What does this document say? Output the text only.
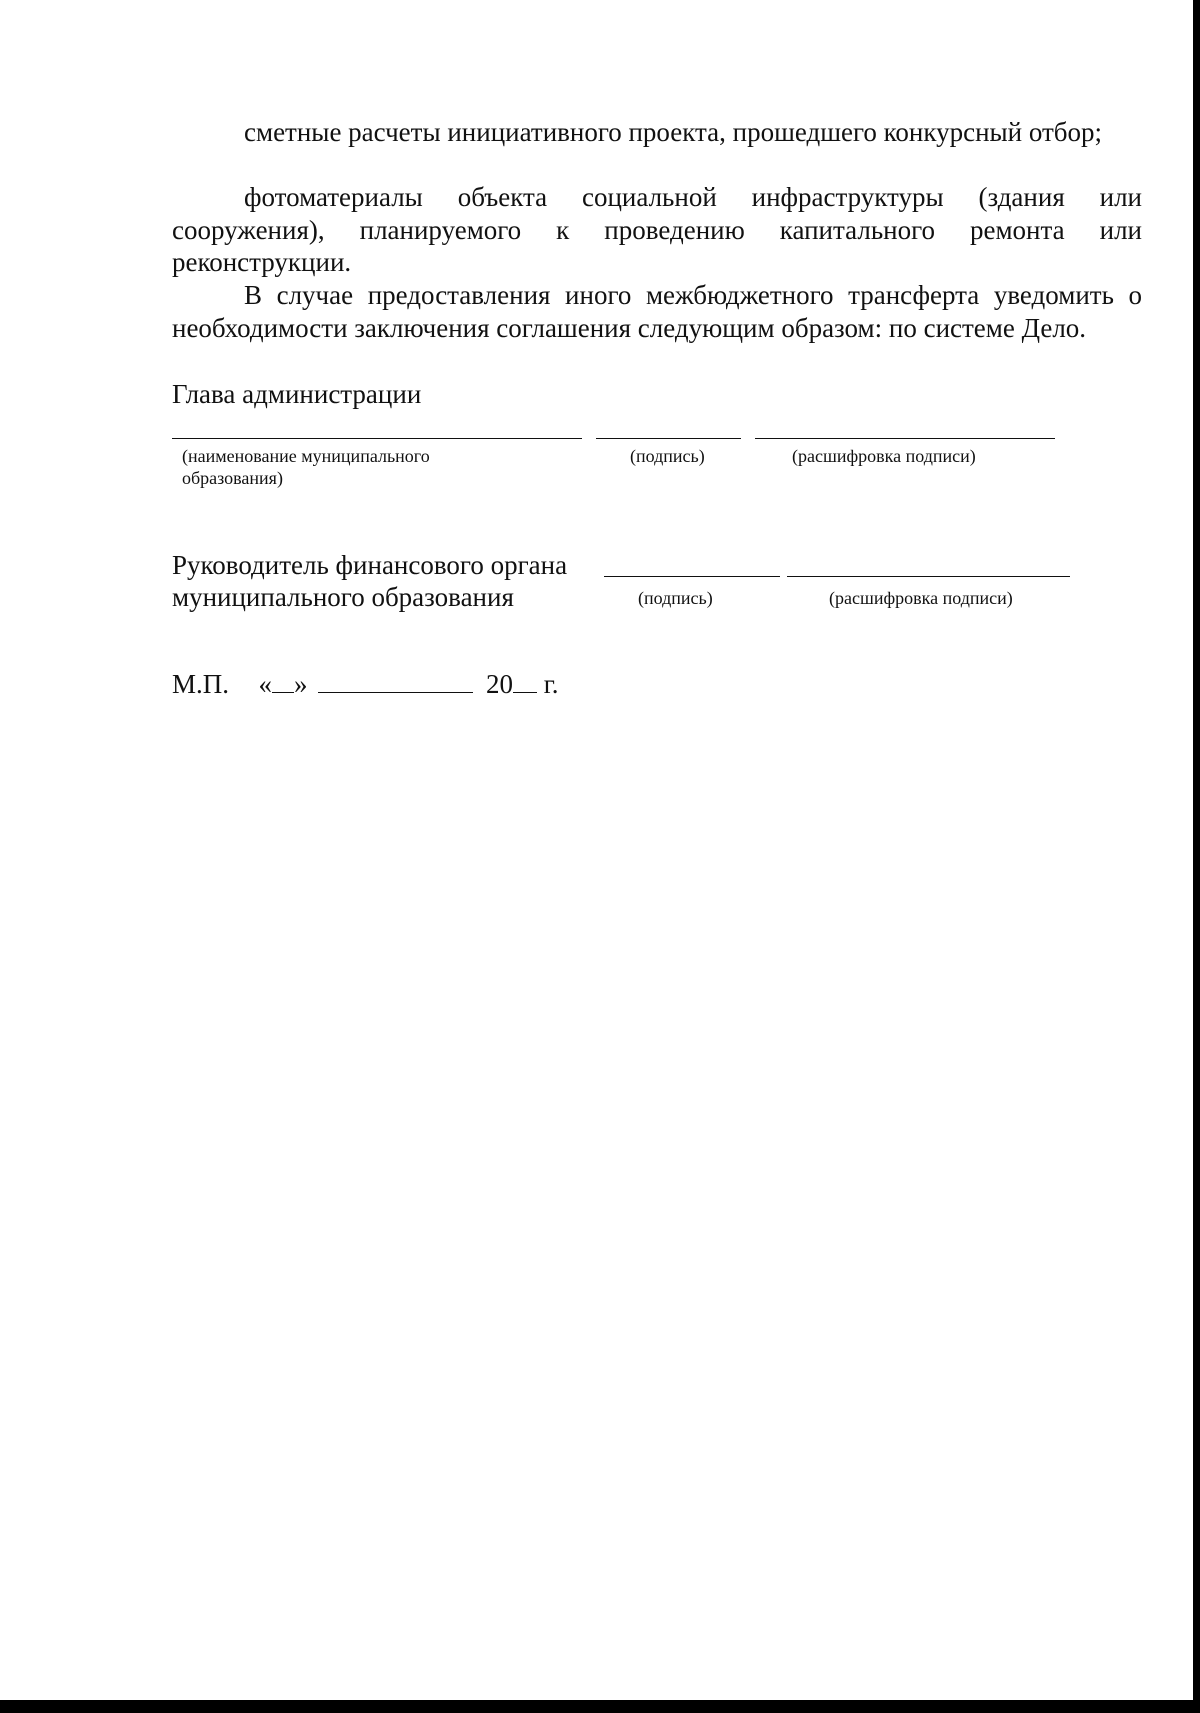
сметные расчеты инициативного проекта, прошедшего конкурсный отбор;

фотоматериалы объекта социальной инфраструктуры (здания или сооружения), планируемого к проведению капитального ремонта или реконструкции.

В случае предоставления иного межбюджетного трансферта уведомить о необходимости заключения соглашения следующим образом: по системе Дело.

Глава администрации
(наименование муниципального образования)
(подпись)	(расшифровка подписи)
Руководитель финансового органа
муниципального образования	(подпись)	(расшифровка подписи)
М.П. « »	20 г.
